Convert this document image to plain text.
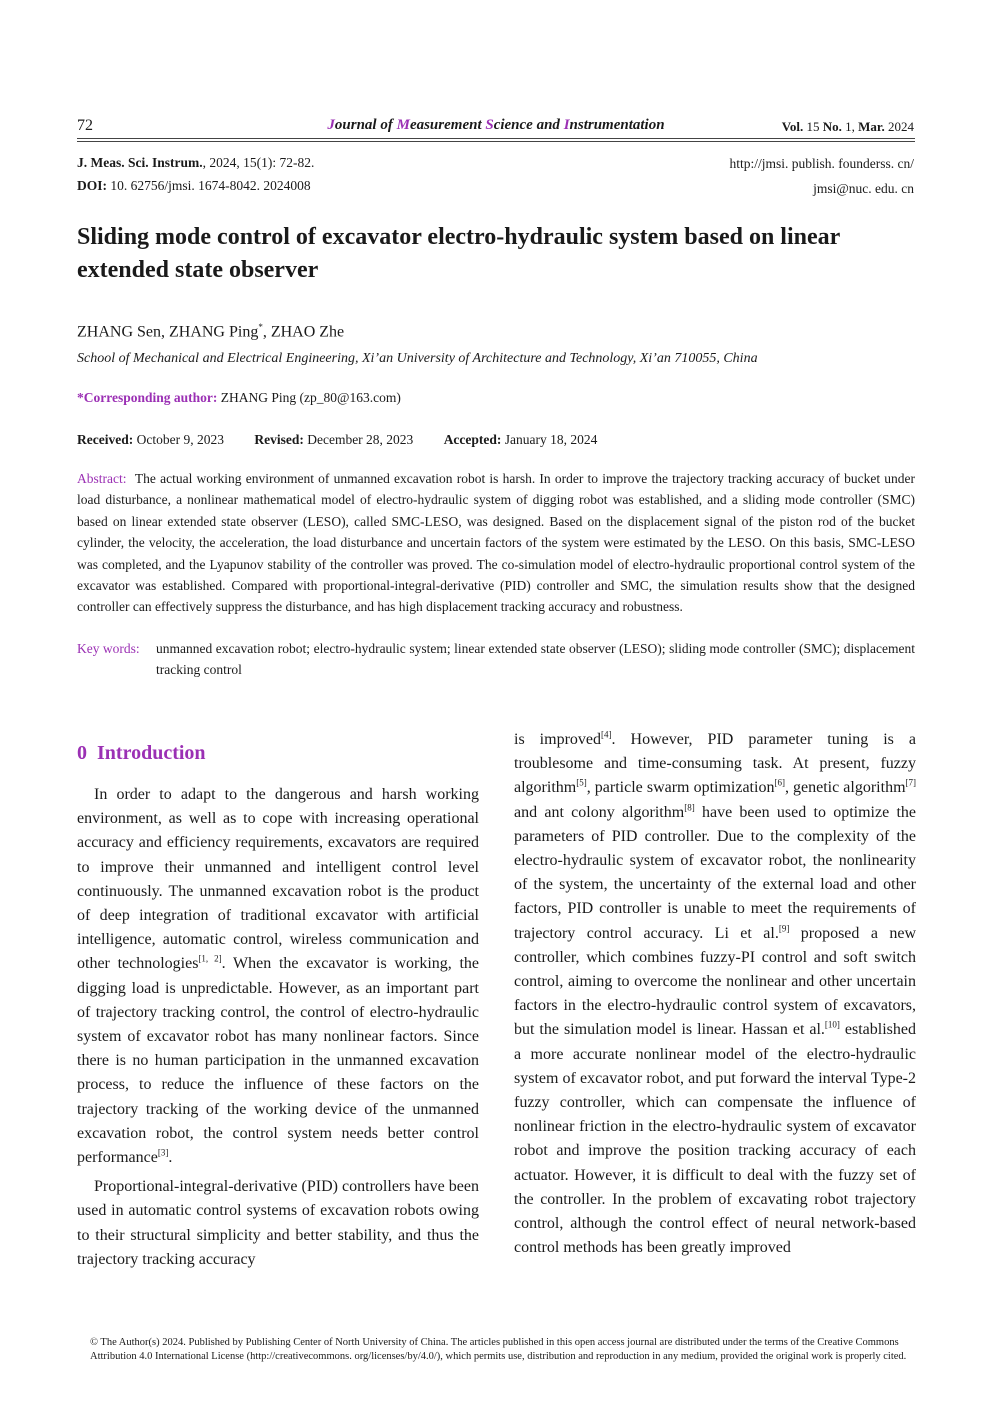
72	Journal of Measurement Science and Instrumentation	Vol. 15 No. 1, Mar. 2024
J. Meas. Sci. Instrum., 2024, 15(1): 72-82.
DOI: 10. 62756/jmsi. 1674-8042. 2024008
http://jmsi. publish. founderss. cn/
jmsi@nuc. edu. cn
Sliding mode control of excavator electro-hydraulic system based on linear
extended state observer
ZHANG Sen, ZHANG Ping*, ZHAO Zhe
School of Mechanical and Electrical Engineering, Xi’an University of Architecture and Technology, Xi’an 710055, China
*Corresponding author: ZHANG Ping (zp_80@163.com)
Received: October 9, 2023 Revised: December 28, 2023 Accepted: January 18, 2024
Abstract: The actual working environment of unmanned excavation robot is harsh. In order to improve the trajectory tracking accuracy of bucket under load disturbance, a nonlinear mathematical model of electro-hydraulic system of digging robot was established, and a sliding mode controller (SMC) based on linear extended state observer (LESO), called SMC-LESO, was designed. Based on the displacement signal of the piston rod of the bucket cylinder, the velocity, the acceleration, the load disturbance and uncertain factors of the system were estimated by the LESO. On this basis, SMC-LESO was completed, and the Lyapunov stability of the controller was proved. The co-simulation model of electro-hydraulic proportional control system of the excavator was established. Compared with proportional-integral-derivative (PID) controller and SMC, the simulation results show that the designed controller can effectively suppress the disturbance, and has high displacement tracking accuracy and robustness.
Key words: unmanned excavation robot; electro-hydraulic system; linear extended state observer (LESO); sliding mode controller (SMC); displacement tracking control
0 Introduction

In order to adapt to the dangerous and harsh working environment, as well as to cope with increasing operational accuracy and efficiency requirements, excavators are required to improve their unmanned and intelligent control level continuously. The unmanned excavation robot is the product of deep integration of traditional excavator with artificial intelligence, automatic control, wireless communication and other technologies[1, 2]. When the excavator is working, the digging load is unpredictable. However, as an important part of trajectory tracking control, the control of electro-hydraulic system of excavator robot has many nonlinear factors. Since there is no human participation in the unmanned excavation process, to reduce the influence of these factors on the trajectory tracking of the working device of the unmanned excavation robot, the control system needs better control performance[3].

Proportional-integral-derivative (PID) controllers have been used in automatic control systems of excavation robots owing to their structural simplicity and better stability, and thus the trajectory tracking accuracy

is improved[4]. However, PID parameter tuning is a troublesome and time-consuming task. At present, fuzzy algorithm[5], particle swarm optimization[6], genetic algorithm[7] and ant colony algorithm[8] have been used to optimize the parameters of PID controller. Due to the complexity of the electro-hydraulic system of excavator robot, the nonlinearity of the system, the uncertainty of the external load and other factors, PID controller is unable to meet the requirements of trajectory control accuracy. Li et al.[9] proposed a new controller, which combines fuzzy-PI control and soft switch control, aiming to overcome the nonlinear and other uncertain factors in the electro-hydraulic control system of excavators, but the simulation model is linear. Hassan et al.[10] established a more accurate nonlinear model of the electro-hydraulic system of excavator robot, and put forward the interval Type-2 fuzzy controller, which can compensate the influence of nonlinear friction in the electro-hydraulic system of excavator robot and improve the position tracking accuracy of each actuator. However, it is difficult to deal with the fuzzy set of the controller. In the problem of excavating robot trajectory control, although the control effect of neural network-based control methods has been greatly improved

© The Author(s) 2024. Published by Publishing Center of North University of China. The articles published in this open access journal are distributed under the terms of the Creative Commons Attribution 4.0 International License (http://creativecommons. org/licenses/by/4.0/), which permits use, distribution and reproduction in any medium, provided the original work is properly cited.
